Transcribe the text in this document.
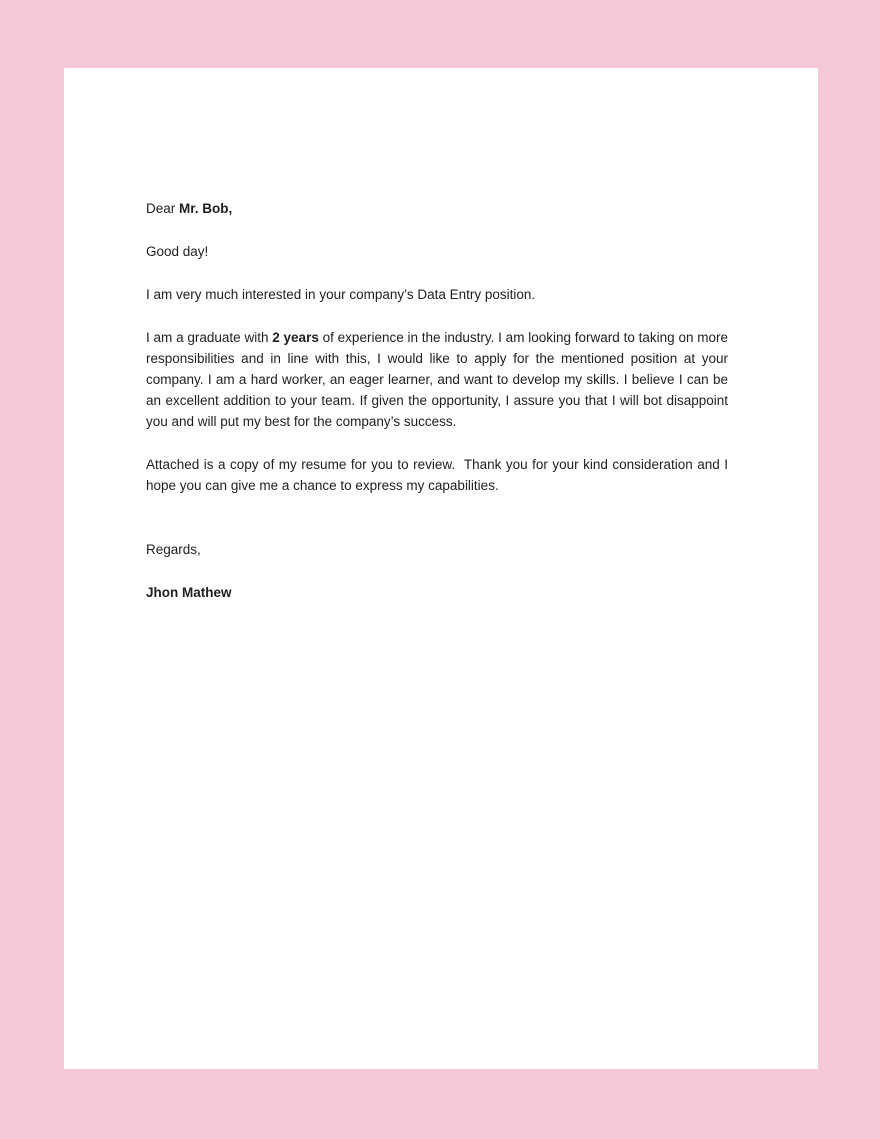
Dear Mr. Bob,

Good day!

I am very much interested in your company’s Data Entry position.

I am a graduate with 2 years of experience in the industry. I am looking forward to taking on more responsibilities and in line with this, I would like to apply for the mentioned position at your company. I am a hard worker, an eager learner, and want to develop my skills. I believe I can be an excellent addition to your team. If given the opportunity, I assure you that I will bot disappoint you and will put my best for the company’s success.

Attached is a copy of my resume for you to review.  Thank you for your kind consideration and I hope you can give me a chance to express my capabilities.

Regards,

Jhon Mathew
